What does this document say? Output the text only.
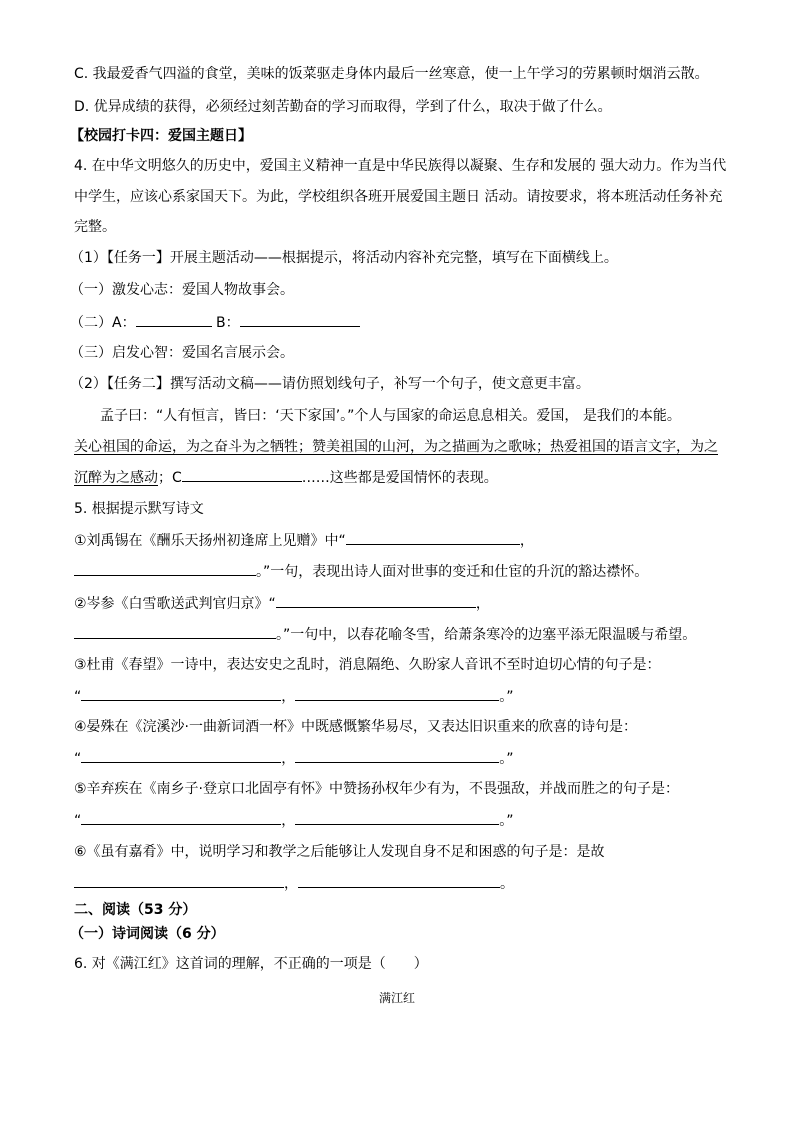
C. 我最爱香气四溢的食堂，美味的饭菜驱走身体内最后一丝寒意，使一上午学习的劳累顿时烟消云散。
D. 优异成绩的获得，必须经过刻苦勤奋的学习而取得，学到了什么，取决于做了什么。
【校园打卡四：爱国主题日】
4. 在中华文明悠久的历史中，爱国主义精神一直是中华民族得以凝聚、生存和发展的 强大动力。作为当代
中学生，应该心系家国天下。为此，学校组织各班开展爱国主题日 活动。请按要求，将本班活动任务补充
完整。
（1）【任务一】开展主题活动——根据提示，将活动内容补充完整，填写在下面横线上。
（一）激发心志：爱国人物故事会。
（二）A：	B：
（三）启发心智：爱国名言展示会。
（2）【任务二】撰写活动文稿——请仿照划线句子，补写一个句子，使文意更丰富。
孟子曰：“人有恒言，皆曰：‘天下家国’。”个人与国家的命运息息相关。爱国， 是我们的本能。
关心祖国的命运，为之奋斗为之牺牲；赞美祖国的山河，为之描画为之歌咏；热爱祖国的语言文字，为之
沉醉为之感动；C	……这些都是爱国情怀的表现。
5. 根据提示默写诗文
①刘禹锡在《酬乐天扬州初逢席上见赠》中“	，
。”一句，表现出诗人面对世事的变迁和仕宦的升沉的豁达襟怀。
②岑参《白雪歌送武判官归京》“	，
。”一句中，以春花喻冬雪，给萧条寒冷的边塞平添无限温暖与希望。
③杜甫《春望》一诗中，表达安史之乱时，消息隔绝、久盼家人音讯不至时迫切心情的句子是：
“	，	。”
④晏殊在《浣溪沙·一曲新词酒一杯》中既感慨繁华易尽，又表达旧识重来的欣喜的诗句是：
“	，	。”
⑤辛弃疾在《南乡子·登京口北固亭有怀》中赞扬孙权年少有为，不畏强敌，并战而胜之的句子是：
“	，	。”
⑥《虽有嘉肴》中，说明学习和教学之后能够让人发现自身不足和困惑的句子是：是故
，	。
二、阅读（53 分）
（一）诗词阅读（6 分）
6. 对《满江红》这首词的理解，不正确的一项是（　　）
满江红
